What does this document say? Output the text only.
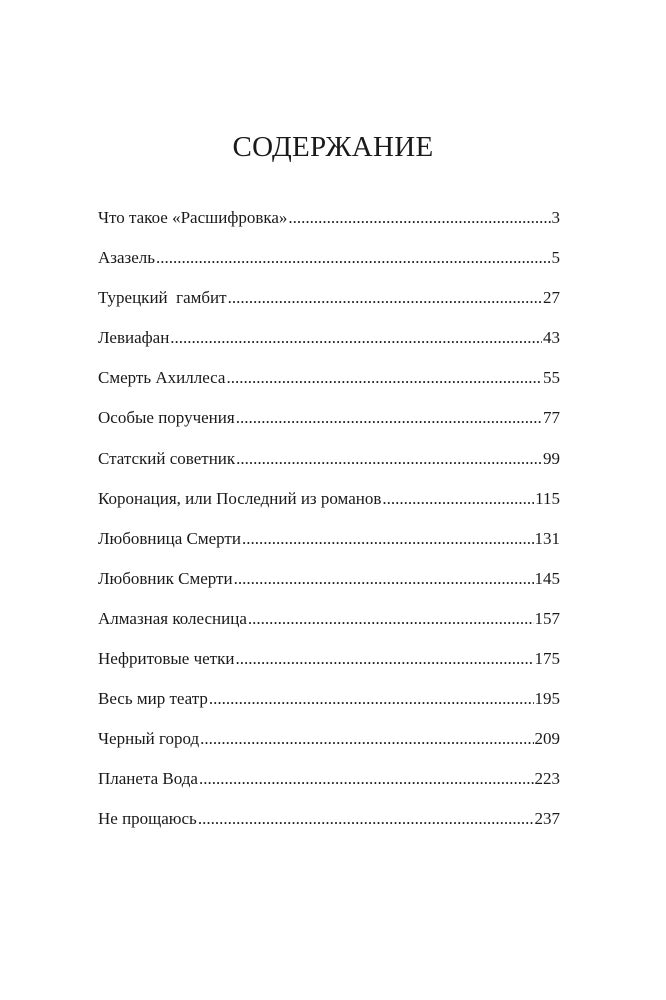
СОДЕРЖАНИЕ
Что такое «Расшифровка» .....	3
Азазель .....	5
Турецкий  гамбит .....	27
Левиафан .....	43
Смерть Ахиллеса .....	55
Особые поручения .....	77
Статский советник .....	99
Коронация, или Последний из романов .....	115
Любовница Смерти .....	131
Любовник Смерти .....	145
Алмазная колесница .....	157
Нефритовые четки .....	175
Весь мир театр .....	195
Черный город .....	209
Планета Вода .....	223
Не прощаюсь .....	237
